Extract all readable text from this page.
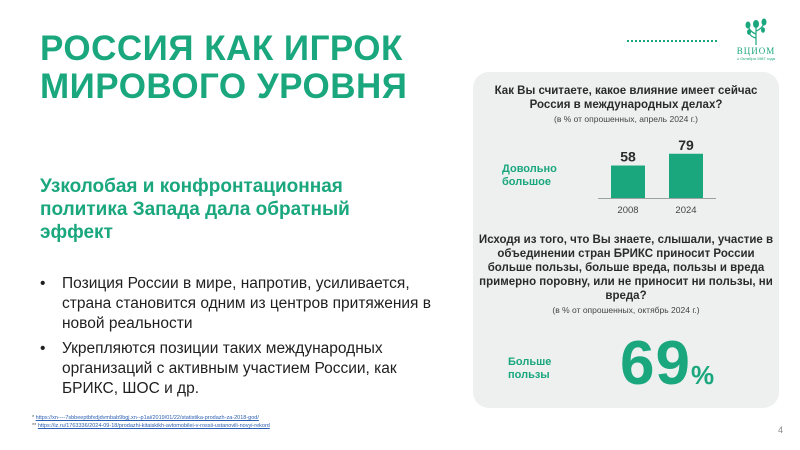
РОССИЯ КАК ИГРОК
МИРОВОГО УРОВНЯ
ВЦИОМ
с Октября 1987 года
Узколобая и конфронтационная политика Запада дала обратный эффект
• Позиция России в мире, напротив, усиливается, страна становится одним из центров притяжения в новой реальности
• Укрепляются позиции таких международных организаций с активным участием России, как БРИКС, ШОС и др.
* https://xn----7sbbeeptbfxdjdvmbab9bgj.xn--p1ai/2019/01/22/statistika-prodazh-za-2018-god/
** https://iz.ru/1763336/2024-09-18/prodazhi-kitaiskikh-avtomobilei-v-rossii-ustanovili-novyi-rekord
Как Вы считаете, какое влияние имеет сейчас Россия в международных делах?
(в % от опрошенных, апрель 2024 г.)
Довольно
большое
58
2008
79
2024
Исходя из того, что Вы знаете, слышали, участие в объединении стран БРИКС приносит России больше пользы, больше вреда, пользы и вреда примерно поровну, или не приносит ни пользы, ни вреда?
(в % от опрошенных, октябрь 2024 г.)
Больше
пользы 69%
4
